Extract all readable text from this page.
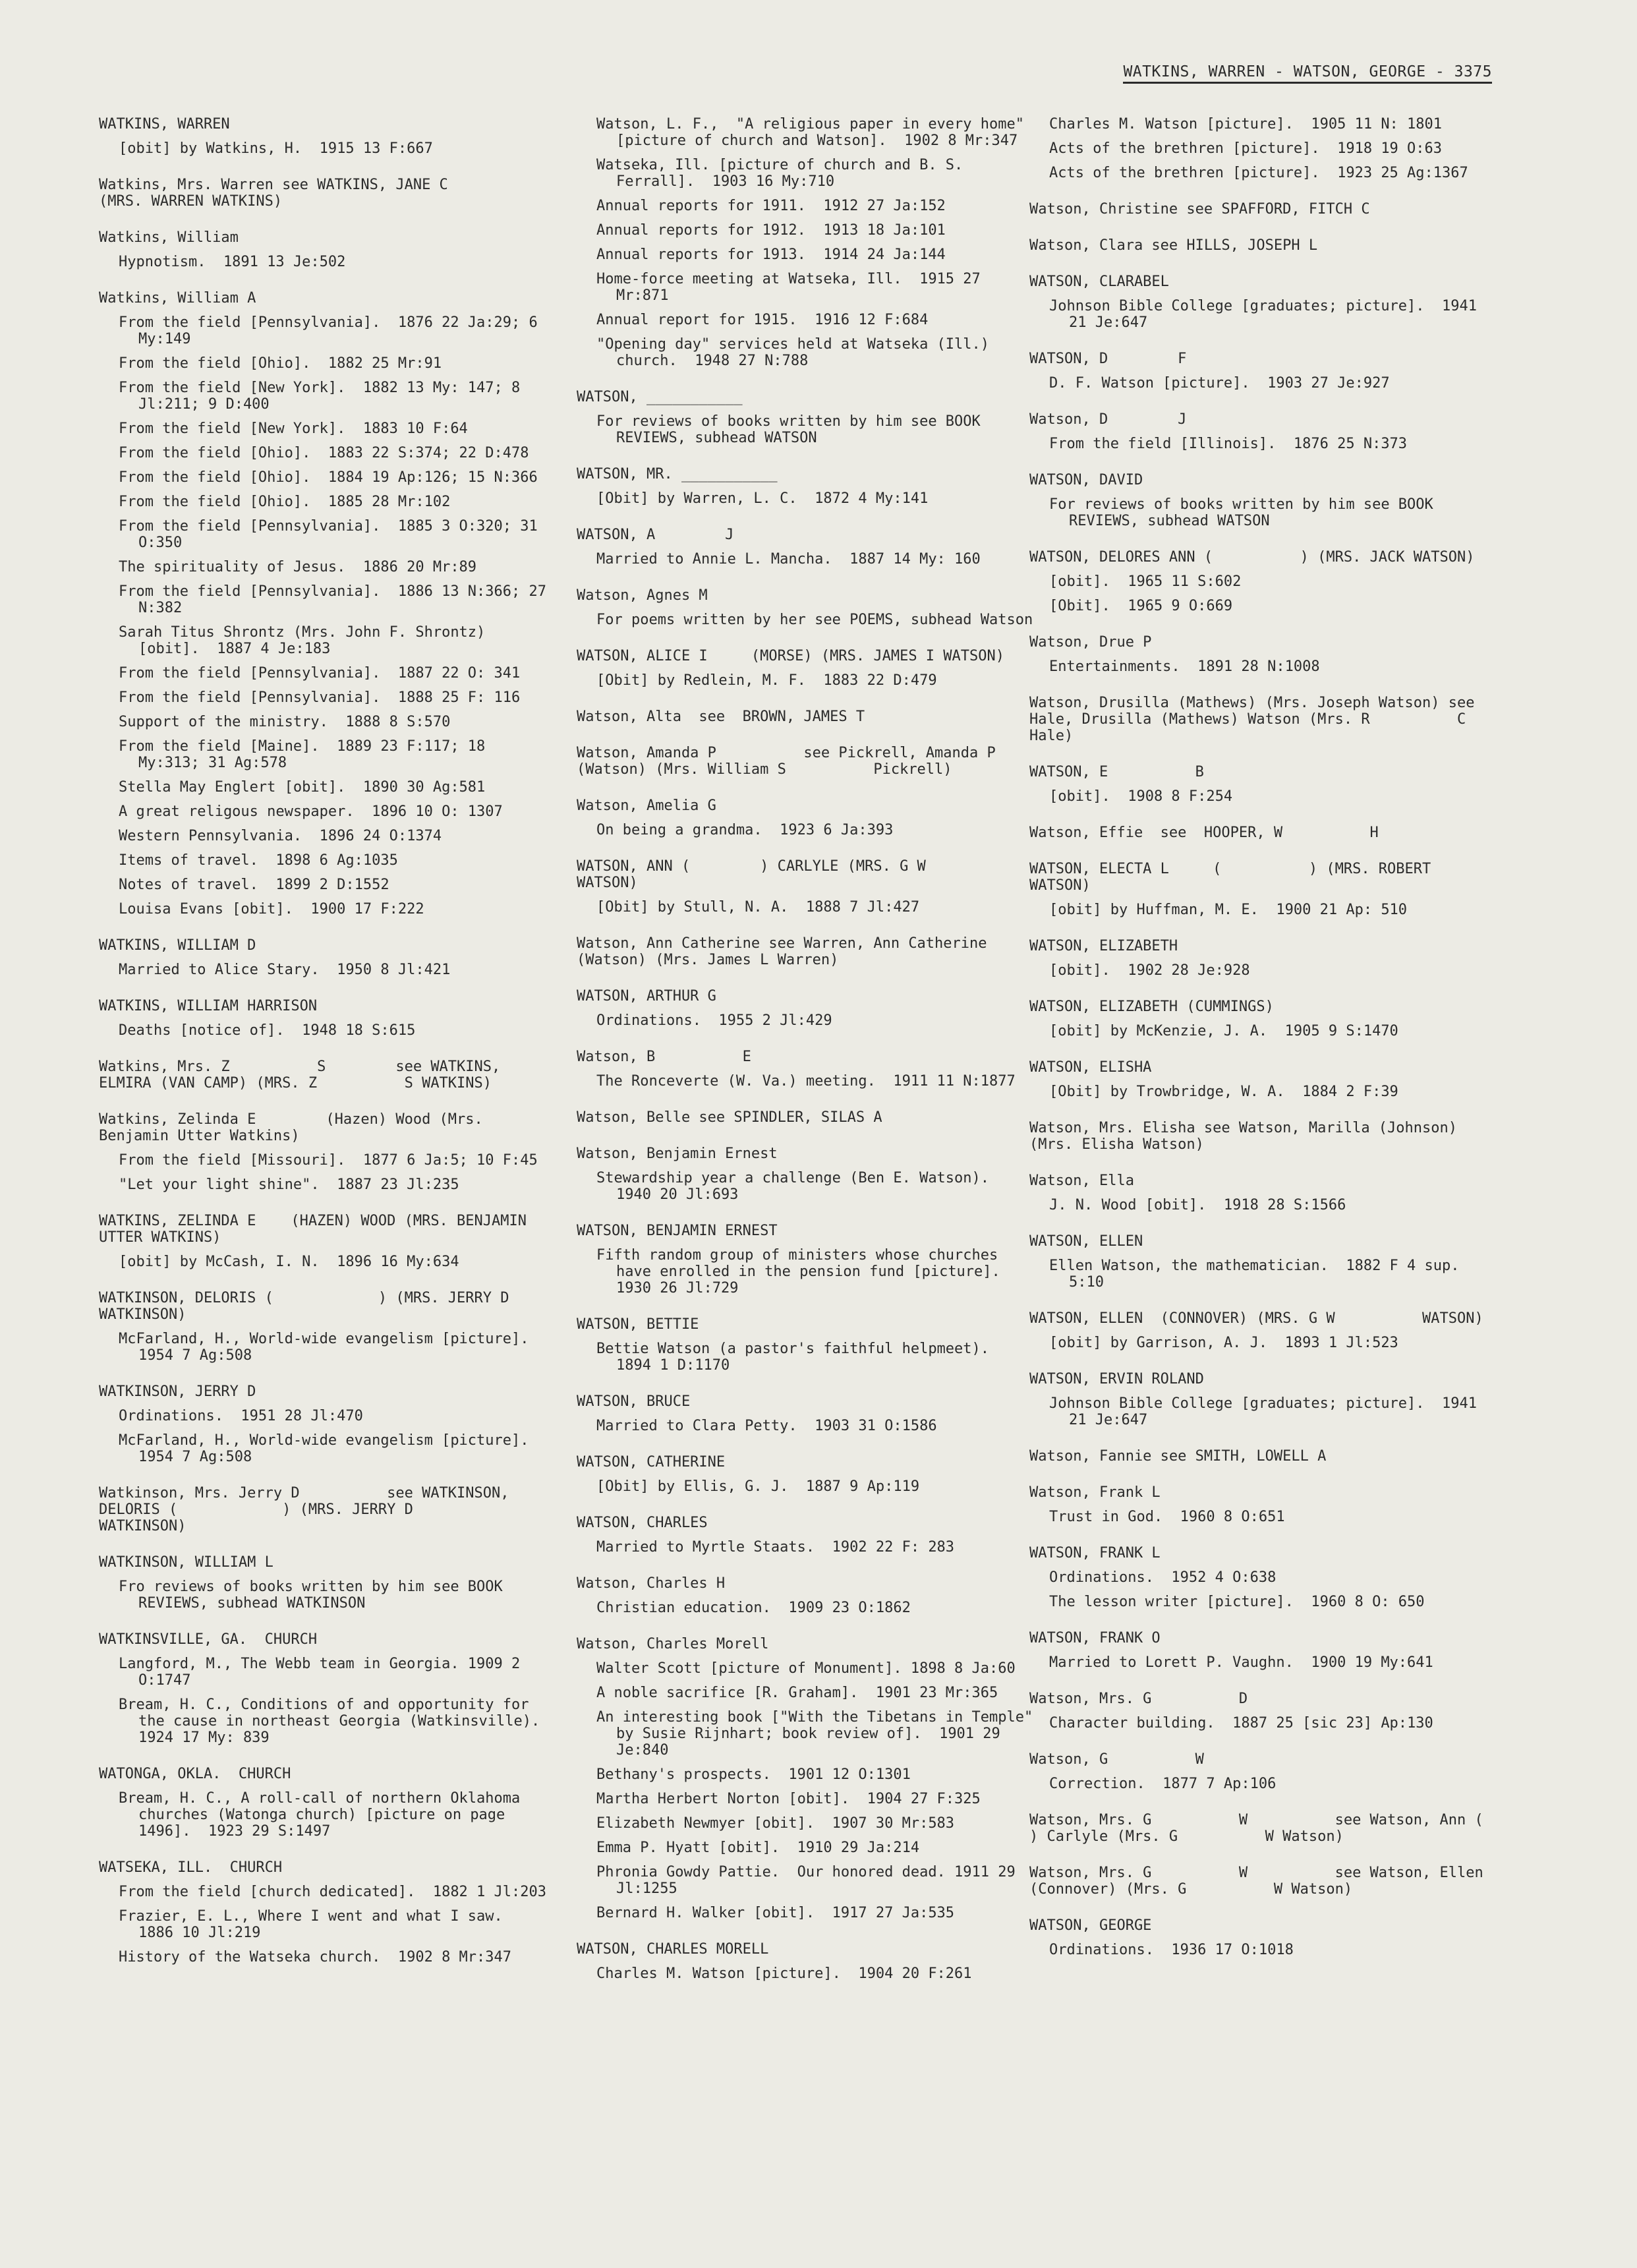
WATKINS, WARREN - WATSON, GEORGE - 3375
WATKINS, WARREN
[obit] by Watkins, H.  1915 13 F:667
Watkins, Mrs. Warren see WATKINS, JANE C         (MRS. WARREN WATKINS)
Watkins, William
Hypnotism.  1891 13 Je:502
Watkins, William A
From the field [Pennsylvania].  1876 22 Ja:29; 6 My:149
From the field [Ohio].  1882 25 Mr:91
From the field [New York].  1882 13 My: 147; 8 Jl:211; 9 D:400
From the field [New York].  1883 10 F:64
From the field [Ohio].  1883 22 S:374; 22 D:478
From the field [Ohio].  1884 19 Ap:126; 15 N:366
From the field [Ohio].  1885 28 Mr:102
From the field [Pennsylvania].  1885 3 O:320; 31 O:350
The spirituality of Jesus.  1886 20 Mr:89
From the field [Pennsylvania].  1886 13 N:366; 27 N:382
Sarah Titus Shrontz (Mrs. John F. Shrontz) [obit].  1887 4 Je:183
From the field [Pennsylvania].  1887 22 O: 341
From the field [Pennsylvania].  1888 25 F: 116
Support of the ministry.  1888 8 S:570
From the field [Maine].  1889 23 F:117; 18 My:313; 31 Ag:578
Stella May Englert [obit].  1890 30 Ag:581
A great religous newspaper.  1896 10 O: 1307
Western Pennsylvania.  1896 24 O:1374
Items of travel.  1898 6 Ag:1035
Notes of travel.  1899 2 D:1552
Louisa Evans [obit].  1900 17 F:222
WATKINS, WILLIAM D
Married to Alice Stary.  1950 8 Jl:421
WATKINS, WILLIAM HARRISON
Deaths [notice of].  1948 18 S:615
Watkins, Mrs. Z          S        see WATKINS, ELMIRA (VAN CAMP) (MRS. Z          S WATKINS)
Watkins, Zelinda E        (Hazen) Wood (Mrs. Benjamin Utter Watkins)
From the field [Missouri].  1877 6 Ja:5; 10 F:45
"Let your light shine".  1887 23 Jl:235
WATKINS, ZELINDA E    (HAZEN) WOOD (MRS. BENJAMIN UTTER WATKINS)
[obit] by McCash, I. N.  1896 16 My:634
WATKINSON, DELORIS (            ) (MRS. JERRY D          WATKINSON)
McFarland, H., World-wide evangelism [picture].  1954 7 Ag:508
WATKINSON, JERRY D
Ordinations.  1951 28 Jl:470
McFarland, H., World-wide evangelism [picture].  1954 7 Ag:508
Watkinson, Mrs. Jerry D          see WATKINSON, DELORIS (            ) (MRS. JERRY D          WATKINSON)
WATKINSON, WILLIAM L
Fro reviews of books written by him see BOOK REVIEWS, subhead WATKINSON
WATKINSVILLE, GA.  CHURCH
Langford, M., The Webb team in Georgia. 1909 2 O:1747
Bream, H. C., Conditions of and opportunity for the cause in northeast Georgia (Watkinsville).  1924 17 My: 839
WATONGA, OKLA.  CHURCH
Bream, H. C., A roll-call of northern Oklahoma churches (Watonga church) [picture on page 1496].  1923 29 S:1497
WATSEKA, ILL.  CHURCH
From the field [church dedicated].  1882 1 Jl:203
Frazier, E. L., Where I went and what I saw.  1886 10 Jl:219
History of the Watseka church.  1902 8 Mr:347
Watson, L. F.,  "A religious paper in every home" [picture of church and Watson].  1902 8 Mr:347
Watseka, Ill. [picture of church and B. S. Ferrall].  1903 16 My:710
Annual reports for 1911.  1912 27 Ja:152
Annual reports for 1912.  1913 18 Ja:101
Annual reports for 1913.  1914 24 Ja:144
Home-force meeting at Watseka, Ill.  1915 27 Mr:871
Annual report for 1915.  1916 12 F:684
"Opening day" services held at Watseka (Ill.) church.  1948 27 N:788
WATSON, ___________
For reviews of books written by him see BOOK REVIEWS, subhead WATSON
WATSON, MR. ___________
[Obit] by Warren, L. C.  1872 4 My:141
WATSON, A        J
Married to Annie L. Mancha.  1887 14 My: 160
Watson, Agnes M
For poems written by her see POEMS, subhead Watson
WATSON, ALICE I     (MORSE) (MRS. JAMES I WATSON)
[Obit] by Redlein, M. F.  1883 22 D:479
Watson, Alta  see  BROWN, JAMES T
Watson, Amanda P          see Pickrell, Amanda P          (Watson) (Mrs. William S          Pickrell)
Watson, Amelia G
On being a grandma.  1923 6 Ja:393
WATSON, ANN (        ) CARLYLE (MRS. G W          WATSON)
[Obit] by Stull, N. A.  1888 7 Jl:427
Watson, Ann Catherine see Warren, Ann Catherine (Watson) (Mrs. James L Warren)
WATSON, ARTHUR G
Ordinations.  1955 2 Jl:429
Watson, B          E
The Ronceverte (W. Va.) meeting.  1911 11 N:1877
Watson, Belle see SPINDLER, SILAS A
Watson, Benjamin Ernest
Stewardship year a challenge (Ben E. Watson).  1940 20 Jl:693
WATSON, BENJAMIN ERNEST
Fifth random group of ministers whose churches have enrolled in the pension fund [picture].  1930 26 Jl:729
WATSON, BETTIE
Bettie Watson (a pastor's faithful helpmeet).  1894 1 D:1170
WATSON, BRUCE
Married to Clara Petty.  1903 31 O:1586
WATSON, CATHERINE
[Obit] by Ellis, G. J.  1887 9 Ap:119
WATSON, CHARLES
Married to Myrtle Staats.  1902 22 F: 283
Watson, Charles H
Christian education.  1909 23 O:1862
Watson, Charles Morell
Walter Scott [picture of Monument]. 1898 8 Ja:60
A noble sacrifice [R. Graham].  1901 23 Mr:365
An interesting book ["With the Tibetans in Temple" by Susie Rijnhart; book review of].  1901 29 Je:840
Bethany's prospects.  1901 12 O:1301
Martha Herbert Norton [obit].  1904 27 F:325
Elizabeth Newmyer [obit].  1907 30 Mr:583
Emma P. Hyatt [obit].  1910 29 Ja:214
Phronia Gowdy Pattie.  Our honored dead. 1911 29 Jl:1255
Bernard H. Walker [obit].  1917 27 Ja:535
WATSON, CHARLES MORELL
Charles M. Watson [picture].  1904 20 F:261
Charles M. Watson [picture].  1905 11 N: 1801
Acts of the brethren [picture].  1918 19 O:63
Acts of the brethren [picture].  1923 25 Ag:1367
Watson, Christine see SPAFFORD, FITCH C
Watson, Clara see HILLS, JOSEPH L
WATSON, CLARABEL
Johnson Bible College [graduates; picture].  1941 21 Je:647
WATSON, D        F
D. F. Watson [picture].  1903 27 Je:927
Watson, D        J
From the field [Illinois].  1876 25 N:373
WATSON, DAVID
For reviews of books written by him see BOOK REVIEWS, subhead WATSON
WATSON, DELORES ANN (          ) (MRS. JACK WATSON)
[obit].  1965 11 S:602
[Obit].  1965 9 O:669
Watson, Drue P
Entertainments.  1891 28 N:1008
Watson, Drusilla (Mathews) (Mrs. Joseph Watson) see Hale, Drusilla (Mathews) Watson (Mrs. R          C          Hale)
WATSON, E          B
[obit].  1908 8 F:254
Watson, Effie  see  HOOPER, W          H
WATSON, ELECTA L     (          ) (MRS. ROBERT WATSON)
[obit] by Huffman, M. E.  1900 21 Ap: 510
WATSON, ELIZABETH
[obit].  1902 28 Je:928
WATSON, ELIZABETH (CUMMINGS)
[obit] by McKenzie, J. A.  1905 9 S:1470
WATSON, ELISHA
[Obit] by Trowbridge, W. A.  1884 2 F:39
Watson, Mrs. Elisha see Watson, Marilla (Johnson) (Mrs. Elisha Watson)
Watson, Ella
J. N. Wood [obit].  1918 28 S:1566
WATSON, ELLEN
Ellen Watson, the mathematician.  1882 F 4 sup. 5:10
WATSON, ELLEN  (CONNOVER) (MRS. G W          WATSON)
[obit] by Garrison, A. J.  1893 1 Jl:523
WATSON, ERVIN ROLAND
Johnson Bible College [graduates; picture].  1941 21 Je:647
Watson, Fannie see SMITH, LOWELL A
Watson, Frank L
Trust in God.  1960 8 O:651
WATSON, FRANK L
Ordinations.  1952 4 O:638
The lesson writer [picture].  1960 8 O: 650
WATSON, FRANK O
Married to Lorett P. Vaughn.  1900 19 My:641
Watson, Mrs. G          D
Character building.  1887 25 [sic 23] Ap:130
Watson, G          W
Correction.  1877 7 Ap:106
Watson, Mrs. G          W          see Watson, Ann (        ) Carlyle (Mrs. G          W Watson)
Watson, Mrs. G          W          see Watson, Ellen (Connover) (Mrs. G          W Watson)
WATSON, GEORGE
Ordinations.  1936 17 O:1018
